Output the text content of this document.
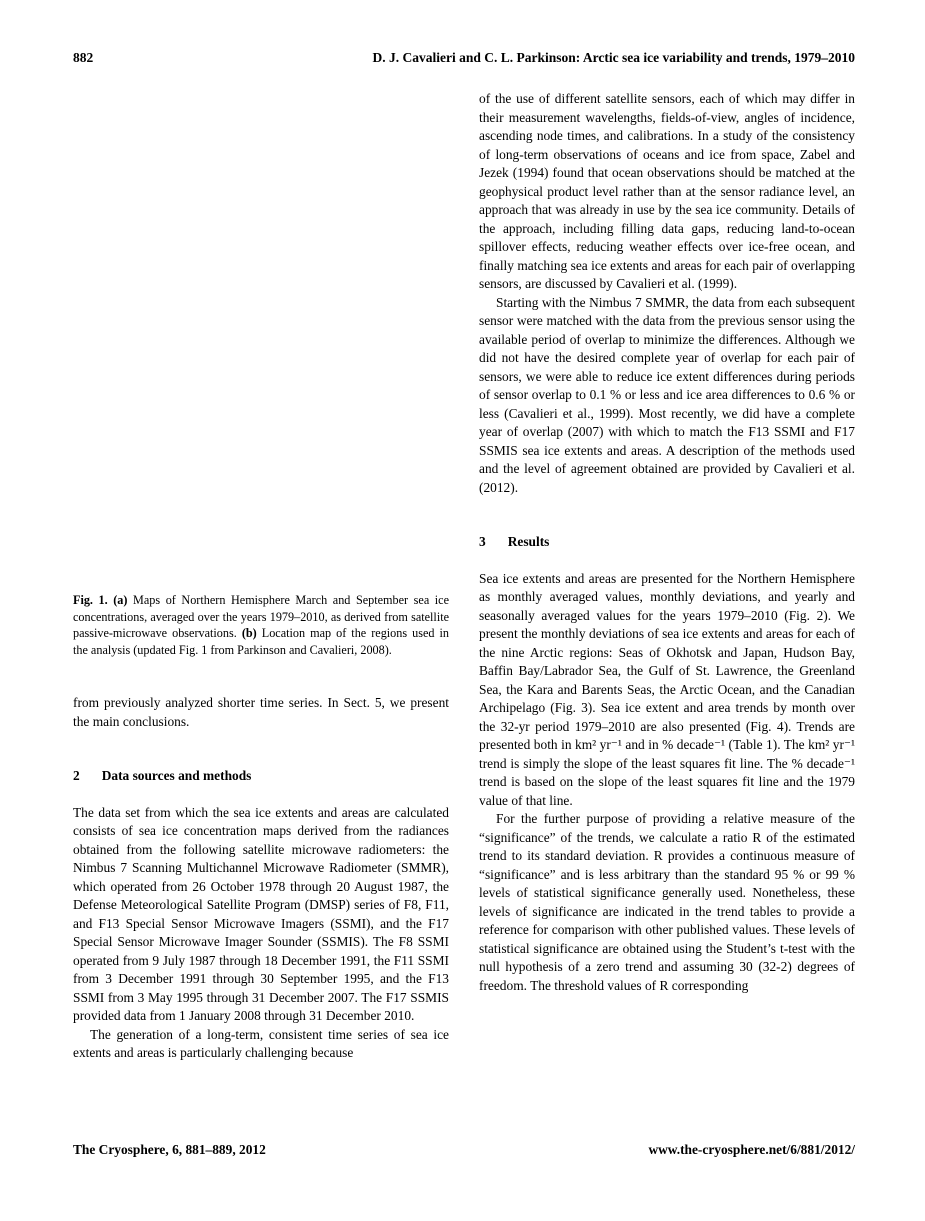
882	D. J. Cavalieri and C. L. Parkinson: Arctic sea ice variability and trends, 1979–2010

Fig. 1. (a) Maps of Northern Hemisphere March and September sea ice concentrations, averaged over the years 1979–2010, as derived from satellite passive-microwave observations. (b) Location map of the regions used in the analysis (updated Fig. 1 from Parkinson and Cavalieri, 2008).

from previously analyzed shorter time series. In Sect. 5, we present the main conclusions.

2 Data sources and methods

The data set from which the sea ice extents and areas are calculated consists of sea ice concentration maps derived from the radiances obtained from the following satellite microwave radiometers: the Nimbus 7 Scanning Multichannel Microwave Radiometer (SMMR), which operated from 26 October 1978 through 20 August 1987, the Defense Meteorological Satellite Program (DMSP) series of F8, F11, and F13 Special Sensor Microwave Imagers (SSMI), and the F17 Special Sensor Microwave Imager Sounder (SSMIS). The F8 SSMI operated from 9 July 1987 through 18 December 1991, the F11 SSMI from 3 December 1991 through 30 September 1995, and the F13 SSMI from 3 May 1995 through 31 December 2007. The F17 SSMIS provided data from 1 January 2008 through 31 December 2010.

The generation of a long-term, consistent time series of sea ice extents and areas is particularly challenging because

of the use of different satellite sensors, each of which may differ in their measurement wavelengths, fields-of-view, angles of incidence, ascending node times, and calibrations. In a study of the consistency of long-term observations of oceans and ice from space, Zabel and Jezek (1994) found that ocean observations should be matched at the geophysical product level rather than at the sensor radiance level, an approach that was already in use by the sea ice community. Details of the approach, including filling data gaps, reducing land-to-ocean spillover effects, reducing weather effects over ice-free ocean, and finally matching sea ice extents and areas for each pair of overlapping sensors, are discussed by Cavalieri et al. (1999).

Starting with the Nimbus 7 SMMR, the data from each subsequent sensor were matched with the data from the previous sensor using the available period of overlap to minimize the differences. Although we did not have the desired complete year of overlap for each pair of sensors, we were able to reduce ice extent differences during periods of sensor overlap to 0.1 % or less and ice area differences to 0.6 % or less (Cavalieri et al., 1999). Most recently, we did have a complete year of overlap (2007) with which to match the F13 SSMI and F17 SSMIS sea ice extents and areas. A description of the methods used and the level of agreement obtained are provided by Cavalieri et al. (2012).

3 Results

Sea ice extents and areas are presented for the Northern Hemisphere as monthly averaged values, monthly deviations, and yearly and seasonally averaged values for the years 1979–2010 (Fig. 2). We present the monthly deviations of sea ice extents and areas for each of the nine Arctic regions: Seas of Okhotsk and Japan, Hudson Bay, Baffin Bay/Labrador Sea, the Gulf of St. Lawrence, the Greenland Sea, the Kara and Barents Seas, the Arctic Ocean, and the Canadian Archipelago (Fig. 3). Sea ice extent and area trends by month over the 32-yr period 1979–2010 are also presented (Fig. 4). Trends are presented both in km² yr⁻¹ and in % decade⁻¹ (Table 1). The km² yr⁻¹ trend is simply the slope of the least squares fit line. The % decade⁻¹ trend is based on the slope of the least squares fit line and the 1979 value of that line.

For the further purpose of providing a relative measure of the “significance” of the trends, we calculate a ratio R of the estimated trend to its standard deviation. R provides a continuous measure of “significance” and is less arbitrary than the standard 95 % or 99 % levels of statistical significance generally used. Nonetheless, these levels of significance are indicated in the trend tables to provide a reference for comparison with other published values. These levels of statistical significance are obtained using the Student’s t-test with the null hypothesis of a zero trend and assuming 30 (32-2) degrees of freedom. The threshold values of R corresponding

The Cryosphere, 6, 881–889, 2012	www.the-cryosphere.net/6/881/2012/
